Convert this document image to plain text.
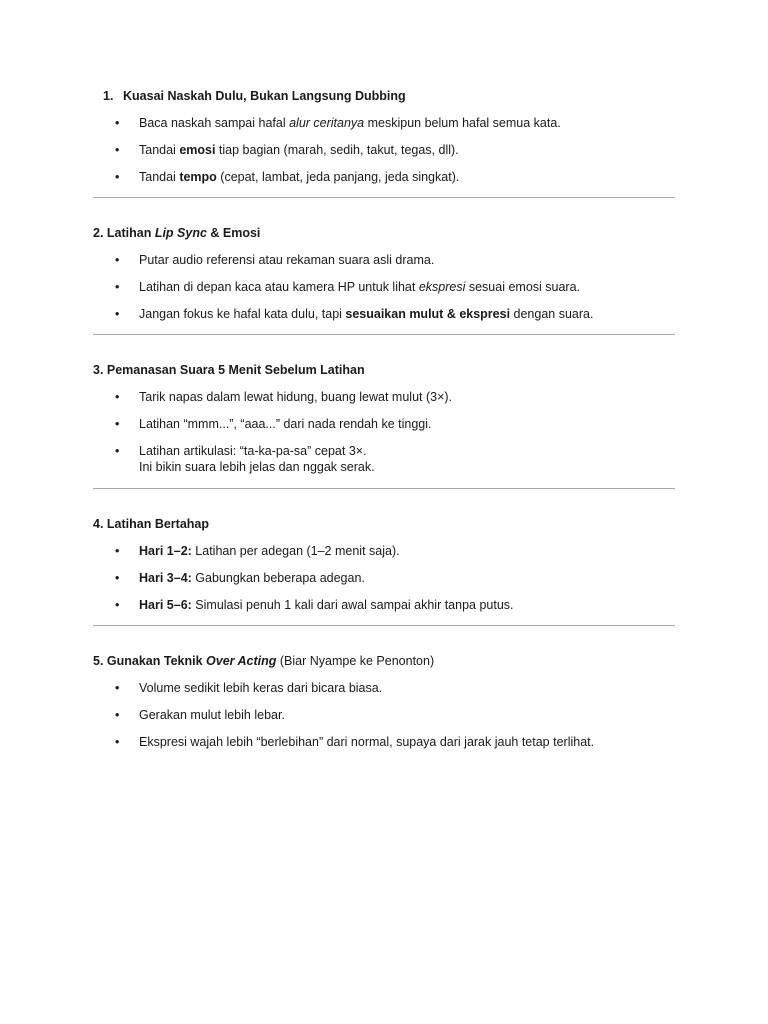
1. Kuasai Naskah Dulu, Bukan Langsung Dubbing

• Baca naskah sampai hafal alur ceritanya meskipun belum hafal semua kata.
• Tandai emosi tiap bagian (marah, sedih, takut, tegas, dll).
• Tandai tempo (cepat, lambat, jeda panjang, jeda singkat).

2. Latihan Lip Sync & Emosi

• Putar audio referensi atau rekaman suara asli drama.
• Latihan di depan kaca atau kamera HP untuk lihat ekspresi sesuai emosi suara.
• Jangan fokus ke hafal kata dulu, tapi sesuaikan mulut & ekspresi dengan suara.

3. Pemanasan Suara 5 Menit Sebelum Latihan

• Tarik napas dalam lewat hidung, buang lewat mulut (3×).
• Latihan “mmm...”, “aaa...” dari nada rendah ke tinggi.
• Latihan artikulasi: “ta-ka-pa-sa” cepat 3×.
Ini bikin suara lebih jelas dan nggak serak.

4. Latihan Bertahap

• Hari 1–2: Latihan per adegan (1–2 menit saja).
• Hari 3–4: Gabungkan beberapa adegan.
• Hari 5–6: Simulasi penuh 1 kali dari awal sampai akhir tanpa putus.

5. Gunakan Teknik Over Acting (Biar Nyampe ke Penonton)

• Volume sedikit lebih keras dari bicara biasa.
• Gerakan mulut lebih lebar.
• Ekspresi wajah lebih “berlebihan” dari normal, supaya dari jarak jauh tetap terlihat.
